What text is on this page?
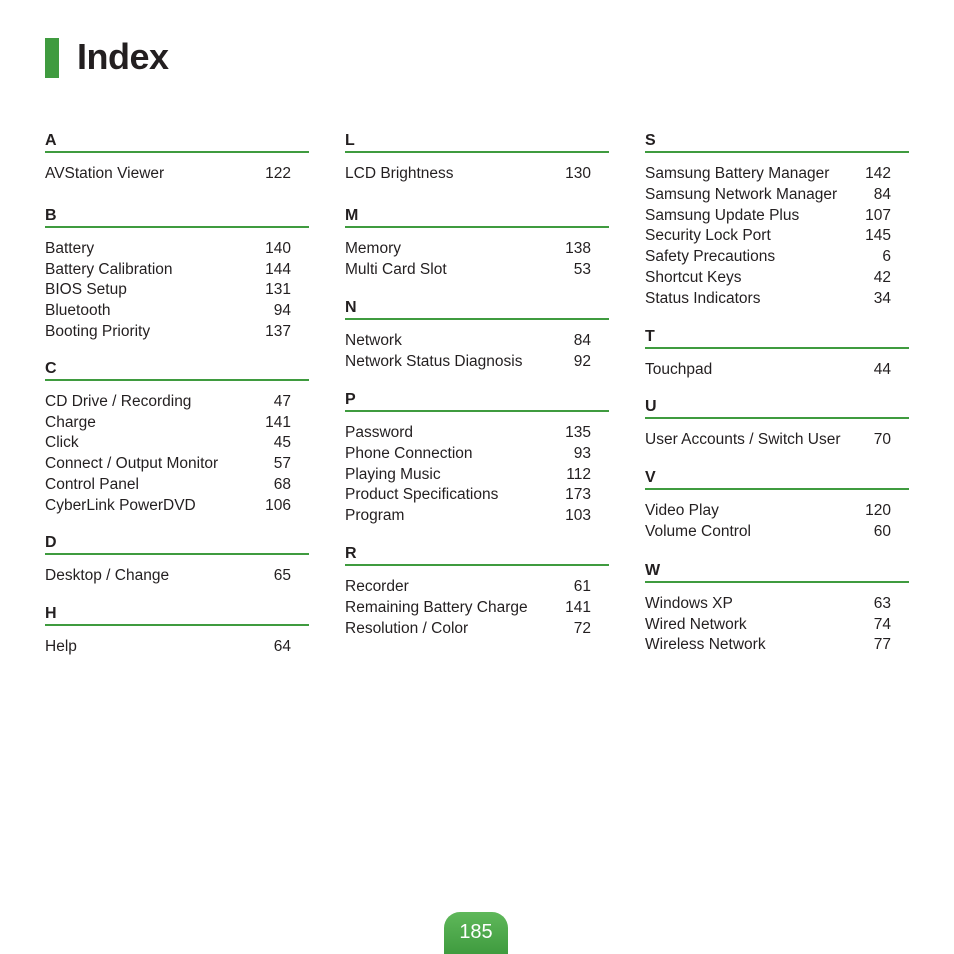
Index
A
AVStation Viewer	122
B
Battery	140
Battery Calibration	144
BIOS Setup	131
Bluetooth	94
Booting Priority	137
C
CD Drive / Recording	47
Charge	141
Click	45
Connect / Output Monitor	57
Control Panel	68
CyberLink PowerDVD	106
D
Desktop / Change	65
H
Help	64
L
LCD Brightness	130
M
Memory	138
Multi Card Slot	53
N
Network	84
Network Status Diagnosis	92
P
Password	135
Phone Connection	93
Playing Music	112
Product Specifications	173
Program	103
R
Recorder	61
Remaining Battery Charge 141
Resolution / Color	72
S
Samsung Battery Manager 142
Samsung Network Manager 84
Samsung Update Plus	107
Security Lock Port	145
Safety Precautions	6
Shortcut Keys	42
Status Indicators	34
T
Touchpad	44
U
User Accounts / Switch User 70
V
Video Play	120
Volume Control	60
W
Windows XP	63
Wired Network	74
Wireless Network	77
185
